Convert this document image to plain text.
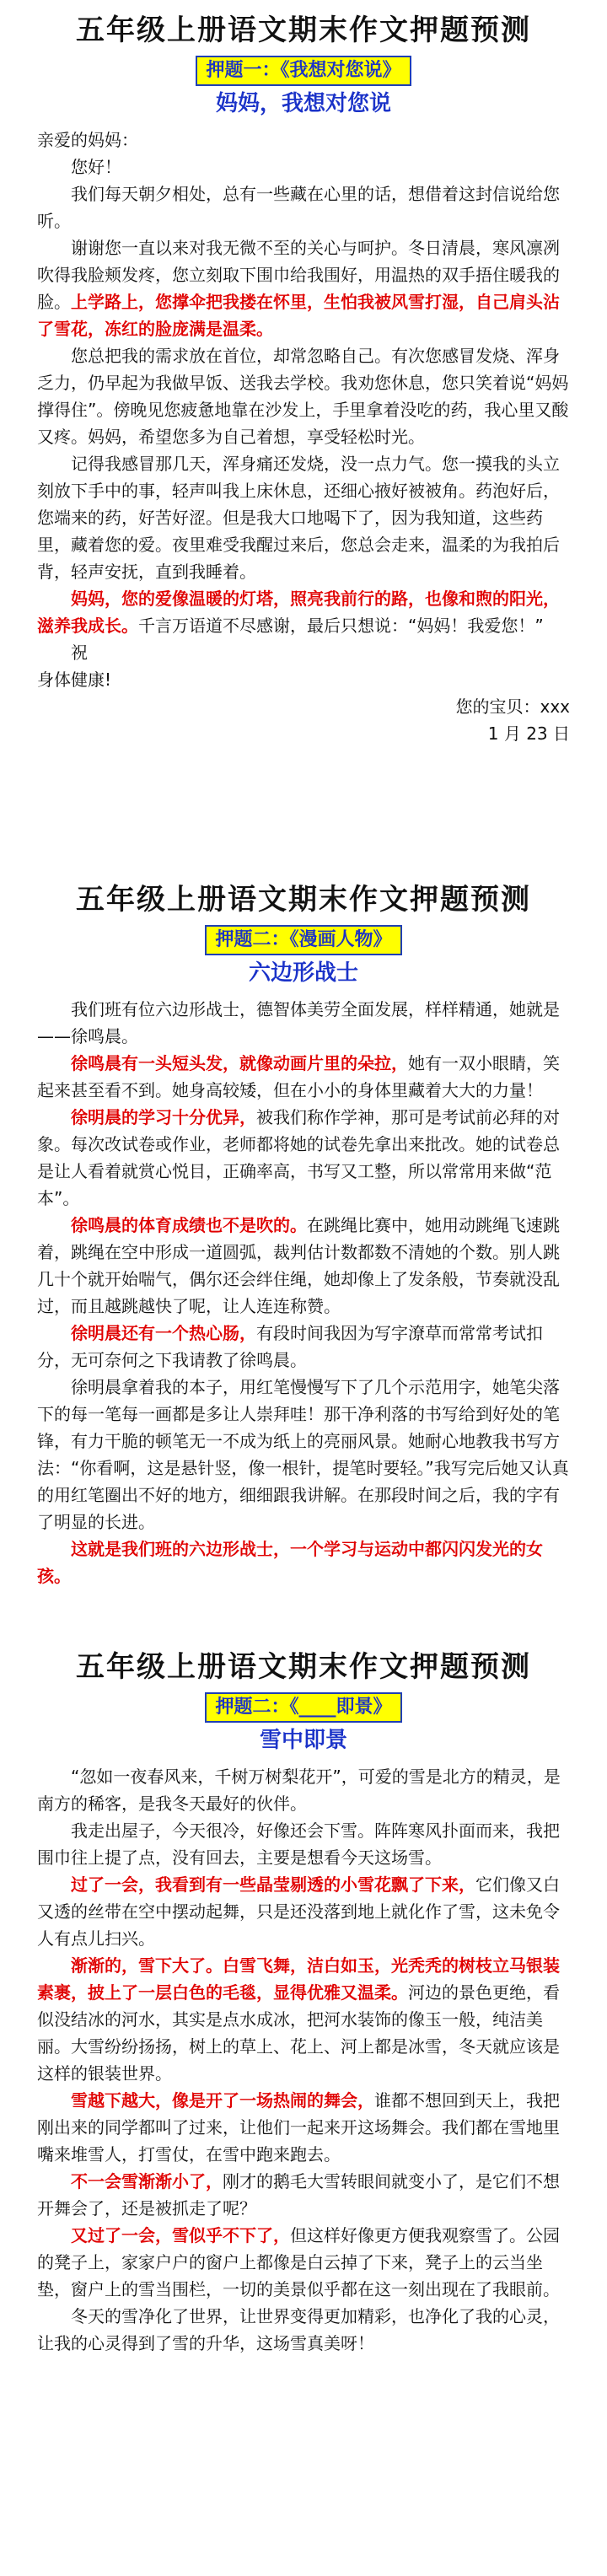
五年级上册语文期末作文押题预测
押题一：《我想对您说》
妈妈，我想对您说

亲爱的妈妈：

您好！

我们每天朝夕相处，总有一些藏在心里的话，想借着这封信说给您听。

谢谢您一直以来对我无微不至的关心与呵护。冬日清晨，寒风凛冽吹得我脸颊发疼，您立刻取下围巾给我围好，用温热的双手捂住暖我的脸。上学路上，您撑伞把我搂在怀里，生怕我被风雪打湿，自己肩头沾了雪花，冻红的脸庞满是温柔。

您总把我的需求放在首位，却常忽略自己。有次您感冒发烧、浑身乏力，仍早起为我做早饭、送我去学校。我劝您休息，您只笑着说“妈妈撑得住”。傍晚见您疲惫地靠在沙发上，手里拿着没吃的药，我心里又酸又疼。妈妈，希望您多为自己着想，享受轻松时光。

记得我感冒那几天，浑身痛还发烧，没一点力气。您一摸我的头立刻放下手中的事，轻声叫我上床休息，还细心掖好被被角。药泡好后，您端来的药，好苦好涩。但是我大口地喝下了，因为我知道，这些药里，藏着您的爱。夜里难受我醒过来后，您总会走来，温柔的为我拍后背，轻声安抚，直到我睡着。

妈妈，您的爱像温暖的灯塔，照亮我前行的路，也像和煦的阳光，滋养我成长。千言万语道不尽感谢，最后只想说：“妈妈！我爱您！”

祝

身体健康!

您的宝贝：xxx

1 月 23 日

五年级上册语文期末作文押题预测
押题二：《漫画人物》
六边形战士

我们班有位六边形战士，德智体美劳全面发展，样样精通，她就是——徐鸣晨。

徐鸣晨有一头短头发，就像动画片里的朵拉，她有一双小眼睛，笑起来甚至看不到。她身高较矮，但在小小的身体里藏着大大的力量！

徐明晨的学习十分优异，被我们称作学神，那可是考试前必拜的对象。每次改试卷或作业，老师都将她的试卷先拿出来批改。她的试卷总是让人看着就赏心悦目，正确率高，书写又工整，所以常常用来做“范本”。

徐鸣晨的体育成绩也不是吹的。在跳绳比赛中，她用动跳绳飞速跳着，跳绳在空中形成一道圆弧，裁判估计数都数不清她的个数。别人跳几十个就开始喘气，偶尔还会绊住绳，她却像上了发条般，节奏就没乱过，而且越跳越快了呢，让人连连称赞。

徐明晨还有一个热心肠，有段时间我因为写字潦草而常常考试扣分，无可奈何之下我请教了徐鸣晨。

徐明晨拿着我的本子，用红笔慢慢写下了几个示范用字，她笔尖落下的每一笔每一画都是多让人崇拜哇！那干净利落的书写给到好处的笔锋，有力干脆的顿笔无一不成为纸上的亮丽风景。她耐心地教我书写方法：“你看啊，这是悬针竖，像一根针，提笔时要轻。”我写完后她又认真的用红笔圈出不好的地方，细细跟我讲解。在那段时间之后，我的字有了明显的长进。

这就是我们班的六边形战士，一个学习与运动中都闪闪发光的女孩。

五年级上册语文期末作文押题预测
押题二：《____即景》
雪中即景

“忽如一夜春风来，千树万树梨花开”，可爱的雪是北方的精灵，是南方的稀客，是我冬天最好的伙伴。

我走出屋子，今天很冷，好像还会下雪。阵阵寒风扑面而来，我把围巾往上提了点，没有回去，主要是想看今天这场雪。

过了一会，我看到有一些晶莹剔透的小雪花飘了下来，它们像又白又透的丝带在空中摆动起舞，只是还没落到地上就化作了雪，这未免令人有点儿扫兴。

渐渐的，雪下大了。白雪飞舞，洁白如玉，光秃秃的树枝立马银装素裹，披上了一层白色的毛毯，显得优雅又温柔。河边的景色更绝，看似没结冰的河水，其实是点水成冰，把河水装饰的像玉一般，纯洁美丽。大雪纷纷扬扬，树上的草上、花上、河上都是冰雪，冬天就应该是这样的银装世界。

雪越下越大，像是开了一场热闹的舞会，谁都不想回到天上，我把刚出来的同学都叫了过来，让他们一起来开这场舞会。我们都在雪地里嘴来堆雪人，打雪仗，在雪中跑来跑去。

不一会雪渐渐小了，刚才的鹅毛大雪转眼间就变小了，是它们不想开舞会了，还是被抓走了呢？

又过了一会，雪似乎不下了，但这样好像更方便我观察雪了。公园的凳子上，家家户户的窗户上都像是白云掉了下来，凳子上的云当坐垫，窗户上的雪当围栏，一切的美景似乎都在这一刻出现在了我眼前。

冬天的雪净化了世界，让世界变得更加精彩，也净化了我的心灵，让我的心灵得到了雪的升华，这场雪真美呀！
